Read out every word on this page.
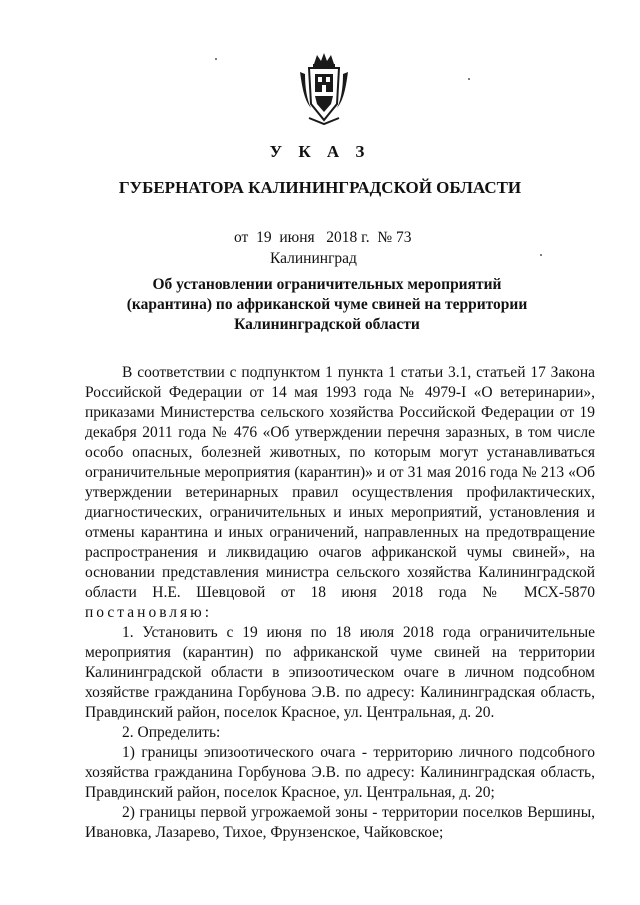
У К А З
ГУБЕРНАТОРА КАЛИНИНГРАДСКОЙ ОБЛАСТИ
от 19 июня 2018 г. № 73
Калининград
Об установлении ограничительных мероприятий (карантина) по африканской чуме свиней на территории Калининградской области

В соответствии с подпунктом 1 пункта 1 статьи 3.1, статьей 17 Закона Российской Федерации от 14 мая 1993 года № 4979-I «О ветеринарии», приказами Министерства сельского хозяйства Российской Федерации от 19 декабря 2011 года № 476 «Об утверждении перечня заразных, в том числе особо опасных, болезней животных, по которым могут устанавливаться ограничительные мероприятия (карантин)» и от 31 мая 2016 года № 213 «Об утверждении ветеринарных правил осуществления профилактических, диагностических, ограничительных и иных мероприятий, установления и отмены карантина и иных ограничений, направленных на предотвращение распространения и ликвидацию очагов африканской чумы свиней», на основании представления министра сельского хозяйства Калининградской области Н.Е. Шевцовой от 18 июня 2018 года № МСХ-5870 постановляю:

1. Установить с 19 июня по 18 июля 2018 года ограничительные мероприятия (карантин) по африканской чуме свиней на территории Калининградской области в эпизоотическом очаге в личном подсобном хозяйстве гражданина Горбунова Э.В. по адресу: Калининградская область, Правдинский район, поселок Красное, ул. Центральная, д. 20.

2. Определить:

1) границы эпизоотического очага - территорию личного подсобного хозяйства гражданина Горбунова Э.В. по адресу: Калининградская область, Правдинский район, поселок Красное, ул. Центральная, д. 20;

2) границы первой угрожаемой зоны - территории поселков Вершины, Ивановка, Лазарево, Тихое, Фрунзенское, Чайковское;
